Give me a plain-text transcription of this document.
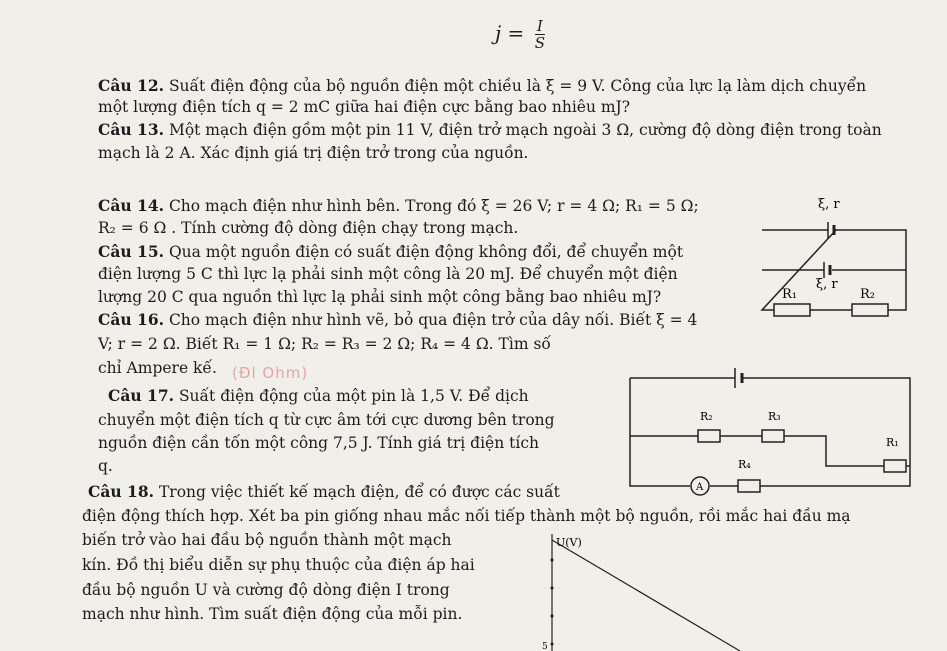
$j = \frac{I}{S}$
Câu 12. Suất điện động của bộ nguồn điện một chiều là ξ = 9 V. Công của lực lạ làm dịch chuyển
một lượng điện tích q = 2 mC giữa hai điện cực bằng bao nhiêu mJ?
Câu 13. Một mạch điện gồm một pin 11 V, điện trở mạch ngoài 3 Ω, cường độ dòng điện trong toàn
mạch là 2 A. Xác định giá trị điện trở trong của nguồn.
Câu 14. Cho mạch điện như hình bên. Trong đó ξ = 26 V; r = 4 Ω; R₁ = 5 Ω;
R₂ = 6 Ω . Tính cường độ dòng điện chạy trong mạch.
Câu 15. Qua một nguồn điện có suất điện động không đổi, để chuyển một
điện lượng 5 C thì lực lạ phải sinh một công là 20 mJ. Để chuyển một điện
lượng 20 C qua nguồn thì lực lạ phải sinh một công bằng bao nhiêu mJ?
Câu 16. Cho mạch điện như hình vẽ, bỏ qua điện trở của dây nối. Biết ξ = 4
V; r = 2 Ω. Biết R₁ = 1 Ω; R₂ = R₃ = 2 Ω; R₄ = 4 Ω. Tìm số
chỉ Ampere kế. (Đl Ohm)
Câu 17. Suất điện động của một pin là 1,5 V. Để dịch
chuyển một điện tích q từ cực âm tới cực dương bên trong
nguồn điện cần tốn một công 7,5 J. Tính giá trị điện tích
q.
Câu 18. Trong việc thiết kế mạch điện, để có được các suất
điện động thích hợp. Xét ba pin giống nhau mắc nối tiếp thành một bộ nguồn, rồi mắc hai đầu mạ
biến trở vào hai đầu bộ nguồn thành một mạch
kín. Đồ thị biểu diễn sự phụ thuộc của điện áp hai
đầu bộ nguồn U và cường độ dòng điện I trong
mạch như hình. Tìm suất điện động của mỗi pin.
ξ, r
ξ, r
R₁	R₂
R₂	R₃
R₁
R₄
A
U(V)
5
